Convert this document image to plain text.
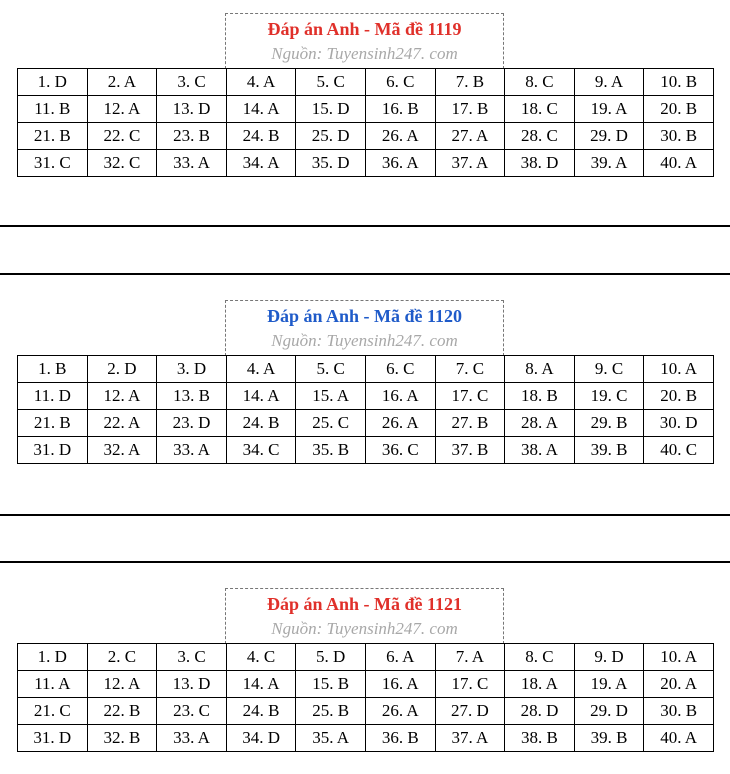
Đáp án Anh - Mã đề 1119
Nguồn: Tuyensinh247. com
1. D	2. A	3. C	4. A	5. C	6. C	7. B	8. C	9. A	10. B
11. B	12. A	13. D	14. A	15. D	16. B	17. B	18. C	19. A	20. B
21. B	22. C	23. B	24. B	25. D	26. A	27. A	28. C	29. D	30. B
31. C	32. C	33. A	34. A	35. D	36. A	37. A	38. D	39. A	40. A
Đáp án Anh - Mã đề 1120
Nguồn: Tuyensinh247. com
1. B	2. D	3. D	4. A	5. C	6. C	7. C	8. A	9. C	10. A
11. D	12. A	13. B	14. A	15. A	16. A	17. C	18. B	19. C	20. B
21. B	22. A	23. D	24. B	25. C	26. A	27. B	28. A	29. B	30. D
31. D	32. A	33. A	34. C	35. B	36. C	37. B	38. A	39. B	40. C
Đáp án Anh - Mã đề 1121
Nguồn: Tuyensinh247. com
1. D	2. C	3. C	4. C	5. D	6. A	7. A	8. C	9. D	10. A
11. A	12. A	13. D	14. A	15. B	16. A	17. C	18. A	19. A	20. A
21. C	22. B	23. C	24. B	25. B	26. A	27. D	28. D	29. D	30. B
31. D	32. B	33. A	34. D	35. A	36. B	37. A	38. B	39. B	40. A
